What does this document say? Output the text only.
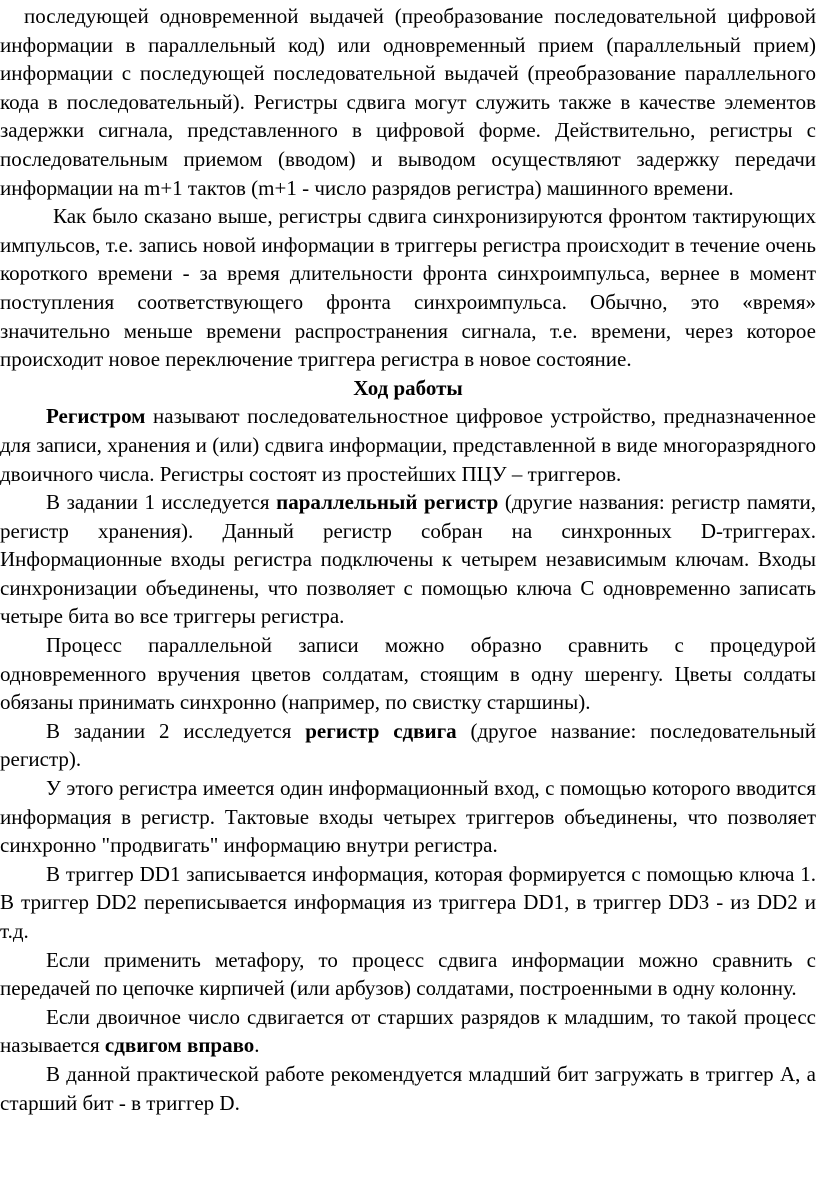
последующей одновременной выдачей (преобразование последовательной цифровой информации в параллельный код) или одновременный прием (параллельный прием) информации с последующей последовательной выдачей (преобразование параллельного кода в последовательный). Регистры сдвига могут служить также в качестве элементов задержки сигнала, представленного в цифровой форме. Действительно, регистры с последовательным приемом (вводом) и выводом осуществляют задержку передачи информации на m+1 тактов (m+1 - число разрядов регистра) машинного времени.

Как было сказано выше, регистры сдвига синхронизируются фронтом тактирующих импульсов, т.е. запись новой информации в триггеры регистра происходит в течение очень короткого времени - за время длительности фронта синхроимпульса, вернее в момент поступления соответствующего фронта синхроимпульса. Обычно, это «время» значительно меньше времени распространения сигнала, т.е. времени, через которое происходит новое переключение триггера регистра в новое состояние.

Ход работы

Регистром называют последовательностное цифровое устройство, предназначенное для записи, хранения и (или) сдвига информации, представленной в виде многоразрядного двоичного числа. Регистры состоят из простейших ПЦУ – триггеров.

В задании 1 исследуется параллельный регистр (другие названия: регистр памяти, регистр хранения). Данный регистр собран на синхронных D-триггерах. Информационные входы регистра подключены к четырем независимым ключам. Входы синхронизации объединены, что позволяет с помощью ключа С одновременно записать четыре бита во все триггеры регистра.

Процесс параллельной записи можно образно сравнить с процедурой одновременного вручения цветов солдатам, стоящим в одну шеренгу. Цветы солдаты обязаны принимать синхронно (например, по свистку старшины).

В задании 2 исследуется регистр сдвига (другое название: последовательный регистр).

У этого регистра имеется один информационный вход, с помощью которого вводится информация в регистр. Тактовые входы четырех триггеров объединены, что позволяет синхронно "продвигать" информацию внутри регистра.

В триггер DD1 записывается информация, которая формируется с помощью ключа 1. В триггер DD2 переписывается информация из триггера DD1, в триггер DD3 - из DD2 и т.д.

Если применить метафору, то процесс сдвига информации можно сравнить с передачей по цепочке кирпичей (или арбузов) солдатами, построенными в одну колонну.

Если двоичное число сдвигается от старших разрядов к младшим, то такой процесс называется сдвигом вправо.

В данной практической работе рекомендуется младший бит загружать в триггер А, а старший бит - в триггер D.
